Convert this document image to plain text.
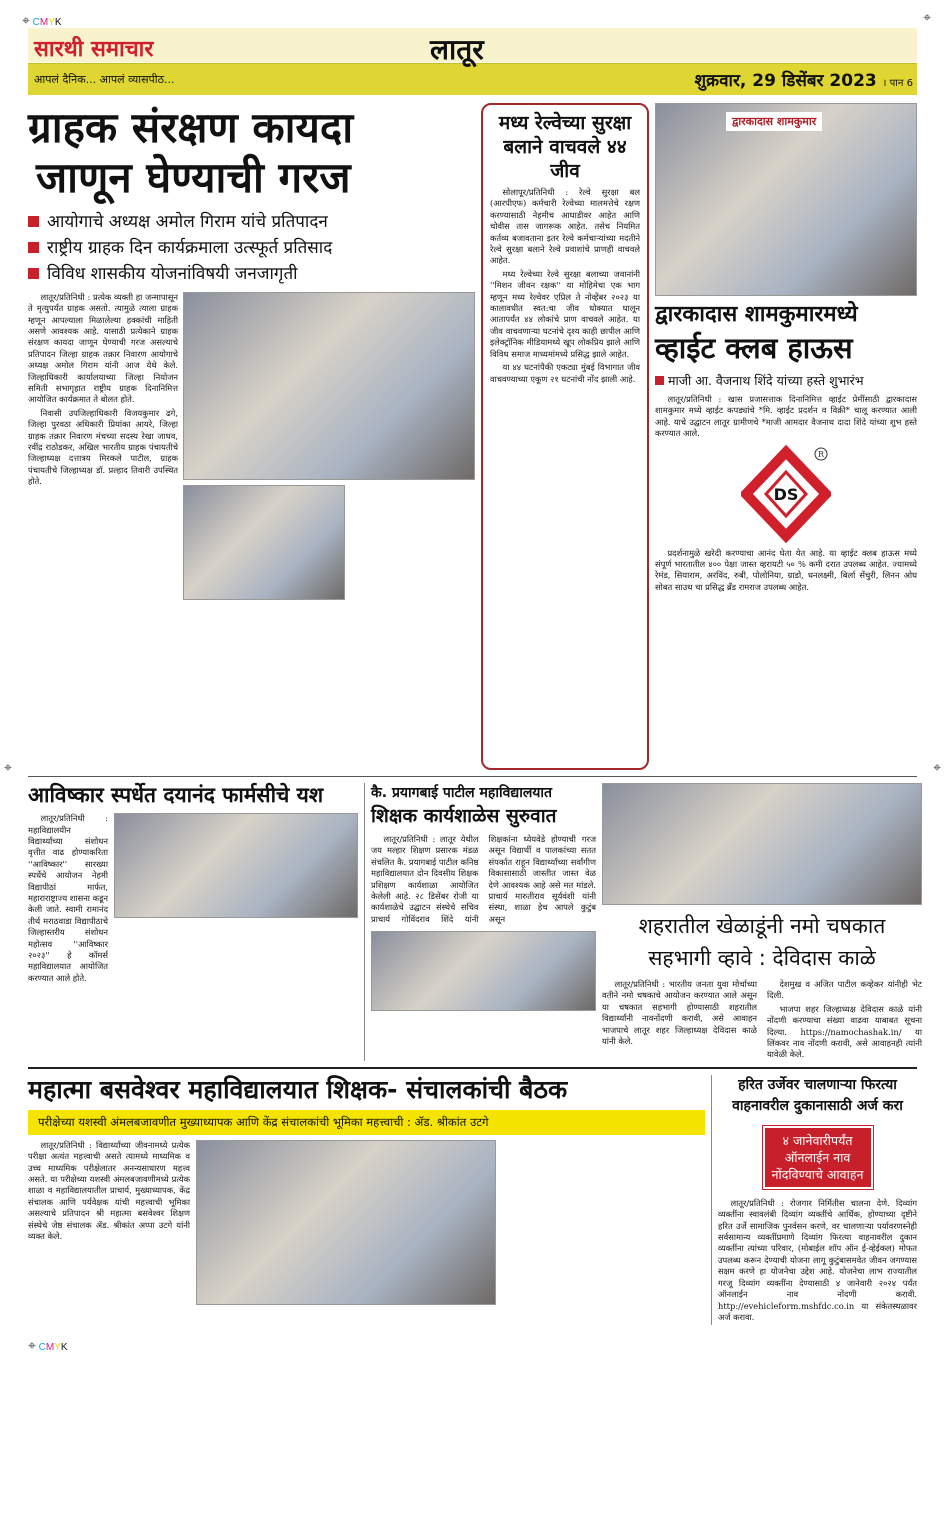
⌖ CMYK	⌖
⌖	⌖
सारथी समाचार	लातूर
आपलं दैनिक... आपलं व्यासपीठ...	शुक्रवार, 29 डिसेंबर 2023 । पान 6
ग्राहक संरक्षण कायदा
जाणून घेण्याची गरज
आयोगाचे अध्यक्ष अमोल गिराम यांचे प्रतिपादन
राष्ट्रीय ग्राहक दिन कार्यक्रमाला उत्स्फूर्त प्रतिसाद
विविध शासकीय योजनांविषयी जनजागृती

लातूर/प्रतिनिधी : प्रत्येक व्यक्ती हा जन्मापासून ते मृत्युपर्यंत ग्राहक असतो. त्यामुळे त्याला ग्राहक म्हणून आपल्याला मिळालेल्या हक्कांची माहिती असणे आवश्यक आहे. यासाठी प्रत्येकाने ग्राहक संरक्षण कायदा जाणून घेण्याची गरज असल्याचे प्रतिपादन जिल्हा ग्राहक तक्रार निवारण आयोगाचे अध्यक्ष अमोल गिराम यांनी आज येथे केले. जिल्हाधिकारी कार्यालयाच्या जिल्हा नियोजन समिती सभागृहात राष्ट्रीय ग्राहक दिनानिमित्त आयोजित कार्यक्रमात ते बोलत होते.

निवासी उपजिल्हाधिकारी विजयकुमार ढगे, जिल्हा पुरवठा अधिकारी प्रियांका आयरे, जिल्हा ग्राहक तक्रार निवारण मंचच्या सदस्य रेखा जाधव, रवींद्र राठोडकर, अखिल भारतीय ग्राहक पंचायतीचे जिल्हाध्यक्ष दत्तात्रय मिरकले पाटील, ग्राहक पंचायतीचे जिल्हाध्यक्ष डॉ. प्रल्हाद तिवारी उपस्थित होते.

मध्य रेल्वेच्या सुरक्षा बलाने वाचवले ४४ जीव

सोलापूर/प्रतिनिधी : रेल्वे सुरक्षा बल (आरपीएफ) कर्मचारी रेल्वेच्या मालमत्तेचे रक्षण करण्यासाठी नेहमीच आघाडीवर आहेत आणि चोवीस तास जागरूक आहेत. तसेच नियमित कर्तव्य बजावताना इतर रेल्वे कर्मचाऱ्यांच्या मदतीने रेल्वे सुरक्षा बलाने रेल्वे प्रवाशांचे प्राणही वाचवले आहेत.

मध्य रेल्वेच्या रेल्वे सुरक्षा बलाच्या जवानांनी ''मिशन जीवन रक्षक'' या मोहिमेचा एक भाग म्हणून मध्य रेल्वेवर एप्रिल ते नोव्हेंबर २०२३ या कालावधीत स्वत:चा जीव धोक्यात घालून आतापर्यंत ४४ लोकांचे प्राण वाचवले आहेत. या जीव वाचवणाऱ्या घटनांचे दृश्य काही छापील आणि इलेक्ट्रॉनिक मीडियामध्ये खूप लोकप्रिय झाले आणि विविध समाज माध्यमांमध्ये प्रसिद्ध झाले आहेत.

या ४४ घटनांपैकी एकट्या मुंबई विभागात जीव वाचवण्याच्या एकूण २१ घटनांची नोंद झाली आहे.

द्वारकादास शामकुमार
द्वारकादास शामकुमारमध्ये
व्हाईट क्लब हाऊस
माजी आ. वैजनाथ शिंदे यांच्या हस्ते शुभारंभ

लातूर/प्रतिनिधी : खास प्रजासत्ताक दिनानिमित्त व्हाईट प्रेमींसाठी द्वारकादास शामकुमार मध्ये व्हाईट कपड्यांचे *मि. व्हाईट प्रदर्शन व विक्री* चालू करण्यात आली आहे. याचे उद्घाटन लातूर ग्रामीणचे *माजी आमदार वैजनाथ दादा शिंदे यांच्या शुभ हस्ते करण्यात आले.

DS
R

प्रदर्शनामुळे खरेदी करण्याचा आनंद घेता येत आहे. या व्हाईट क्लब हाऊस मध्ये संपूर्ण भारतातील ४०० पेक्षा जास्त व्हरायटी ५० % कमी दरात उपलब्ध आहेत. ज्यामध्ये रेमंड, सियाराम, अरविंद, रुबी, पोलोनिया, ग्राडो, धनलक्ष्मी, बिर्ला सेंचुरी, लिनन ओघ सोबत साउथ चा प्रसिद्ध ब्रँड रामराज उपलब्ध आहेत.

आविष्कार स्पर्धेत दयानंद फार्मसीचे यश

लातूर/प्रतिनिधी : महाविद्यालयीन विद्यार्थ्यांच्या संशोधन वृत्तीत वाढ होण्याकरिता ''आविष्कार'' सारख्या स्पर्धेचे आयोजन नेहमी विद्यापीठां मार्फत, महाराराष्ट्राज्य शासना कडून केली जाते. स्वामी रामानंद तीर्थ मराठवाडा विद्यापीठाचे जिल्हास्तरीय संशोधन महोत्सव ''आविष्कार २०२३'' हे कॉमर्स महाविद्यालयात आयोजित करण्यात आले होते.

कै. प्रयागबाई पाटील महाविद्यालयात
शिक्षक कार्यशाळेस सुरुवात

लातूर/प्रतिनिधी : लातूर येथील जय मल्हार शिक्षण प्रसारक मंडळ संचलित कै. प्रयागबाई पाटील कनिष्ठ महाविद्यालयात दोन दिवसीय शिक्षक प्रशिक्षण कार्यशाळा आयोजित केलेली आहे. २८ डिसेंबर रोजी या कार्यशाळेचे उद्घाटन संस्थेचे सचिव प्राचार्य गोविंदराव शिंदे यांनी शिक्षकांना ध्येयवेडे होण्याची गरज असून विद्यार्थी व पालकांच्या सतत संपर्कात राहून विद्यार्थ्यांच्या सर्वांगीण विकासासाठी जास्तीत जास्त वेळ देणे आवश्यक आहे असे मत मांडले. प्राचार्य मारुतीराव सूर्यवंशी यांनी संस्था, शाळा हेच आपले कुटुंब असून	शहरातील खेळाडूंनी नमो चषकात
सहभागी व्हावे : देविदास काळे

लातूर/प्रतिनिधी : भारतीय जनता युवा मोर्चाच्या वतीने नमो चषकाचे आयोजन करण्यात आले असून या चषकात सहभागी होण्यासाठी शहरातील विद्यार्थ्यांनी नावनोंदणी करावी, असे आवाहन भाजपाचे लातूर शहर जिल्हाध्यक्ष देविदास काळे यांनी केले.

देशमुख व अजित पाटील कव्हेकर यांनीही भेट दिली.

भाजपा शहर जिल्हाध्यक्ष देविदास काळे यांनी नोंदणी करण्याचा संख्या वाढवा याबाबत सूचना दिल्या. https://namochashak.in/ या लिंकवर नाव नोंदणी करावी, असे आवाहनही त्यांनी यावेळी केले.

महात्मा बसवेश्वर महाविद्यालयात शिक्षक- संचालकांची बैठक
परीक्षेच्या यशस्वी अंमलबजावणीत मुख्याध्यापक आणि केंद्र संचालकांची भूमिका महत्त्वाची : ॲड. श्रीकांत उटगे

लातूर/प्रतिनिधी : विद्यार्थ्यांच्या जीवनामध्ये प्रत्येक परीक्षा अत्यंत महत्त्वाची असते त्यामध्ये माध्यमिक व उच्च माध्यमिक परीक्षेलातर अनन्यसाधारण महत्त्व असते. या परीक्षेच्या यशस्वी अंमलबजावणीमध्ये प्रत्येक शाळा व महाविद्यालयातील प्राचार्य, मुख्याध्यापक, केंद्र संचालक आणि पर्यवेक्षक यांची महत्त्वाची भूमिका असल्याचे प्रतिपादन श्री महात्मा बसवेश्वर शिक्षण संस्थेचे जेष्ठ संचालक ॲड. श्रीकांत अप्पा उटगे यांनी व्यक्त केले.

हरित उर्जेवर चालणाऱ्या फिरत्या
वाहनावरील दुकानासाठी अर्ज करा
४ जानेवारीपर्यंत ऑनलाईन नाव नोंदविण्याचे आवाहन

लातूर/प्रतिनिधी : रोजगार निर्मितीस चालना देणे. दिव्यांग व्यक्तींना स्वावलंबी दिव्यांग व्यक्तींचे आर्थिक, होण्याच्या दृष्टीने हरित उर्जे सामाजिक पुनर्वसन करणे, वर चालणाऱ्या पर्यावरणस्नेही सर्वसामान्य व्यक्तींप्रमाणे दिव्यांग फिरत्या वाहनावरील दुकान व्यक्तींना त्यांच्या परिवार, (मोबाईल शॉप ऑन ई-व्हेईकल) मोफत उपलब्ध करून देण्याची योजना लागू कुटुंबासमवेत जीवन जगण्यास सक्षम करणे हा योजनेचा उद्देश आहे. योजनेचा लाभ राज्यातील गरजू दिव्यांग व्यक्तींना देण्यासाठी ४ जानेवारी २०२४ पर्यंत ऑनलाईन नाव नोंदणी करावी. http://evehicleform.mshfdc.co.in या संकेतस्थळावर अर्ज करावा.

⌖ CMYK
